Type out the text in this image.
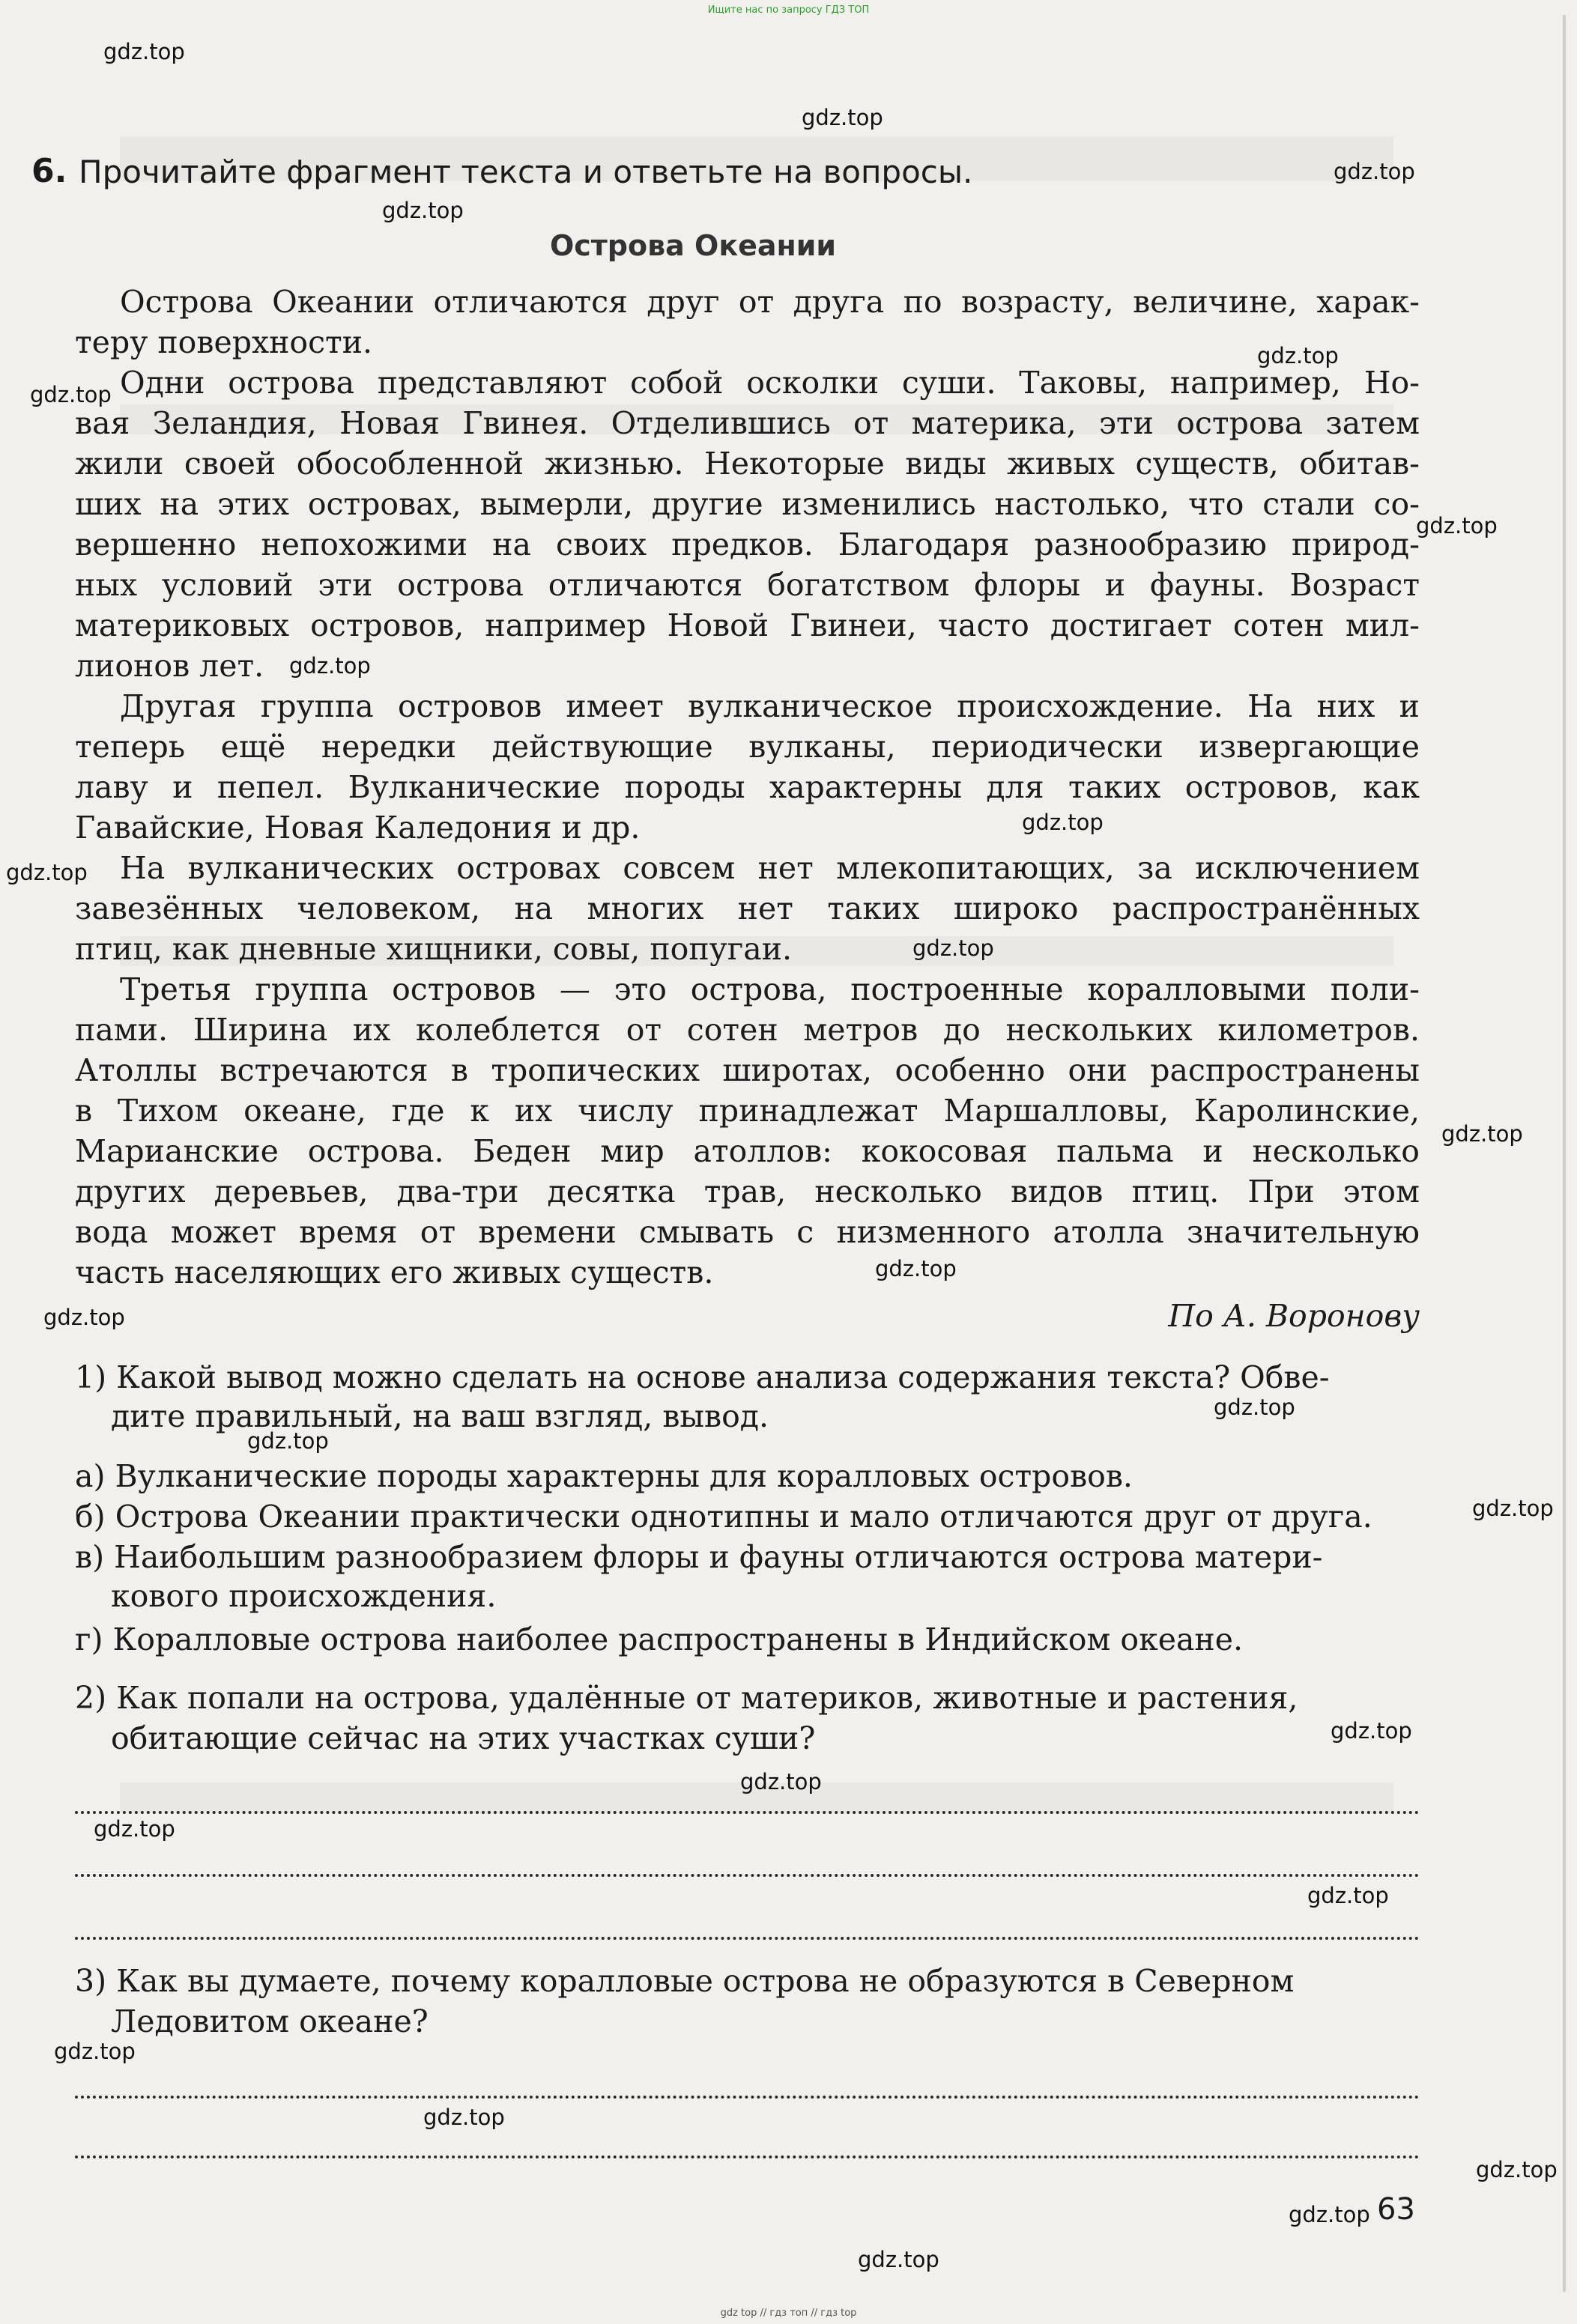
Ищите нас по запросу ГДЗ ТОП
6. Прочитайте фрагмент текста и ответьте на вопросы.
Острова Океании
Острова Океании отличаются друг от друга по возрасту, величине, харак-
теру поверхности.
Одни острова представляют собой осколки суши. Таковы, например, Но-
вая Зеландия, Новая Гвинея. Отделившись от материка, эти острова затем
жили своей обособленной жизнью. Некоторые виды живых существ, обитав-
ших на этих островах, вымерли, другие изменились настолько, что стали со-
вершенно непохожими на своих предков. Благодаря разнообразию природ-
ных условий эти острова отличаются богатством флоры и фауны. Возраст
материковых островов, например Новой Гвинеи, часто достигает сотен мил-
лионов лет.
Другая группа островов имеет вулканическое происхождение. На них и
теперь ещё нередки действующие вулканы, периодически извергающие
лаву и пепел. Вулканические породы характерны для таких островов, как
Гавайские, Новая Каледония и др.
На вулканических островах совсем нет млекопитающих, за исключением
завезённых человеком, на многих нет таких широко распространённых
птиц, как дневные хищники, совы, попугаи.
Третья группа островов — это острова, построенные коралловыми поли-
пами. Ширина их колеблется от сотен метров до нескольких километров.
Атоллы встречаются в тропических широтах, особенно они распространены
в Тихом океане, где к их числу принадлежат Маршалловы, Каролинские,
Марианские острова. Беден мир атоллов: кокосовая пальма и несколько
других деревьев, два-три десятка трав, несколько видов птиц. При этом
вода может время от времени смывать с низменного атолла значительную
часть населяющих его живых существ.
По А. Воронову
1) Какой вывод можно сделать на основе анализа содержания текста? Обве-
дите правильный, на ваш взгляд, вывод.
а) Вулканические породы характерны для коралловых островов.
б) Острова Океании практически однотипны и мало отличаются друг от друга.
в) Наибольшим разнообразием флоры и фауны отличаются острова матери-
кового происхождения.
г) Коралловые острова наиболее распространены в Индийском океане.
2) Как попали на острова, удалённые от материков, животные и растения,
обитающие сейчас на этих участках суши?
3) Как вы думаете, почему коралловые острова не образуются в Северном
Ледовитом океане?
63
gdz.top
gdz.top
gdz.top
gdz.top
gdz.top
gdz.top
gdz.top
gdz.top
gdz.top
gdz.top
gdz.top
gdz.top
gdz.top
gdz.top
gdz.top
gdz.top
gdz.top
gdz.top
gdz.top
gdz.top
gdz.top
gdz.top
gdz.top
gdz.top
gdz.top
gdz.top
gdz top // гдз топ // гдз top
